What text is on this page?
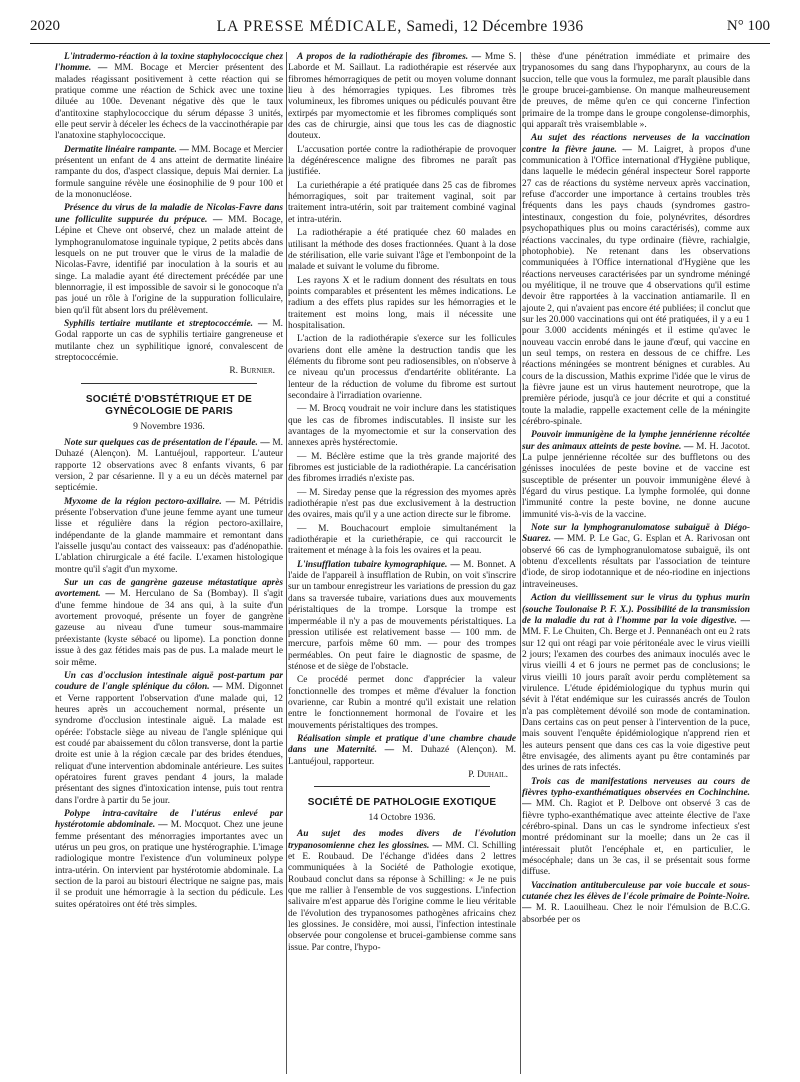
2020	LA PRESSE MÉDICALE, Samedi, 12 Décembre 1936	N° 100

L'intradermo-réaction à la toxine staphylococcique chez l'homme. — MM. Bocage et Mercier présentent des malades réagissant positivement à cette réaction qui se pratique comme une réaction de Schick avec une toxine diluée au 100e. Devenant négative dès que le taux d'antitoxine staphylococcique du sérum dépasse 3 unités, elle peut servir à déceler les échecs de la vaccinothérapie par l'anatoxine staphylococcique.

Dermatite linéaire rampante. — MM. Bocage et Mercier présentent un enfant de 4 ans atteint de dermatite linéaire rampante du dos, d'aspect classique, depuis Mai dernier. La formule sanguine révèle une éosinophilie de 9 pour 100 et de la mononucléose.

Présence du virus de la maladie de Nicolas-Favre dans une folliculite suppurée du prépuce. — MM. Bocage, Lépine et Cheve ont observé, chez un malade atteint de lymphogranulomatose inguinale typique, 2 petits abcès dans lesquels on ne put trouver que le virus de la maladie de Nicolas-Favre, identifié par inoculation à la souris et au singe. La maladie ayant été directement précédée par une blennorragie, il est impossible de savoir si le gonocoque n'a pas joué un rôle à l'origine de la suppuration folliculaire, bien qu'il fût absent lors du prélèvement.

Syphilis tertiaire mutilante et streptococcémie. — M. Godal rapporte un cas de syphilis tertiaire gangreneuse et mutilante chez un syphilitique ignoré, convalescent de streptococcémie.

R. Burnier.

SOCIÉTÉ D'OBSTÉTRIQUE ET DE GYNÉCOLOGIE DE PARIS
9 Novembre 1936.

Note sur quelques cas de présentation de l'épaule. — M. Duhazé (Alençon). M. Lantuéjoul, rapporteur. L'auteur rapporte 12 observations avec 8 enfants vivants, 6 par version, 2 par césarienne. Il y a eu un décès maternel par septicémie.

Myxome de la région pectoro-axillaire. — M. Pétridis présente l'observation d'une jeune femme ayant une tumeur lisse et régulière dans la région pectoro-axillaire, indépendante de la glande mammaire et remontant dans l'aisselle jusqu'au contact des vaisseaux: pas d'adénopathie. L'ablation chirurgicale a été facile. L'examen histologique montre qu'il s'agit d'un myxome.

Sur un cas de gangrène gazeuse métastatique après avortement. — M. Herculano de Sa (Bombay). Il s'agit d'une femme hindoue de 34 ans qui, à la suite d'un avortement provoqué, présente un foyer de gangrène gazeuse au niveau d'une tumeur sous-mammaire préexistante (kyste sébacé ou lipome). La ponction donne issue à des gaz fétides mais pas de pus. La malade meurt le soir même.

Un cas d'occlusion intestinale aiguë post-partum par coudure de l'angle splénique du côlon. — MM. Digonnet et Verne rapportent l'observation d'une malade qui, 12 heures après un accouchement normal, présente un syndrome d'occlusion intestinale aiguë. La malade est opérée: l'obstacle siège au niveau de l'angle splénique qui est coudé par abaissement du côlon transverse, dont la partie droite est unie à la région cæcale par des brides étendues, reliquat d'une intervention abdominale antérieure. Les suites opératoires furent graves pendant 4 jours, la malade présentant des signes d'intoxication intense, puis tout rentra dans l'ordre à partir du 5e jour.

Polype intra-cavitaire de l'utérus enlevé par hystérotomie abdominale. — M. Mocquot. Chez une jeune femme présentant des ménorragies importantes avec un utérus un peu gros, on pratique une hystérographie. L'image radiologique montre l'existence d'un volumineux polype intra-utérin. On intervient par hystérotomie abdominale. La section de la paroi au bistouri électrique ne saigne pas, mais il se produit une hémorragie à la section du pédicule. Les suites opératoires ont été très simples.

A propos de la radiothérapie des fibromes. — Mme S. Laborde et M. Saillaut. La radiothérapie est réservée aux fibromes hémorragiques de petit ou moyen volume donnant lieu à des hémorragies typiques. Les fibromes très volumineux, les fibromes uniques ou pédiculés pouvant être extirpés par myomectomie et les fibromes compliqués sont des cas de chirurgie, ainsi que tous les cas de diagnostic douteux.

L'accusation portée contre la radiothérapie de provoquer la dégénérescence maligne des fibromes ne paraît pas justifiée.

La curiethérapie a été pratiquée dans 25 cas de fibromes hémorragiques, soit par traitement vaginal, soit par traitement intra-utérin, soit par traitement combiné vaginal et intra-utérin.

La radiothérapie a été pratiquée chez 60 malades en utilisant la méthode des doses fractionnées. Quant à la dose de stérilisation, elle varie suivant l'âge et l'embonpoint de la malade et suivant le volume du fibrome.

Les rayons X et le radium donnent des résultats en tous points comparables et présentent les mêmes indications. Le radium a des effets plus rapides sur les hémorragies et le traitement est moins long, mais il nécessite une hospitalisation.

L'action de la radiothérapie s'exerce sur les follicules ovariens dont elle amène la destruction tandis que les éléments du fibrome sont peu radiosensibles, on n'observe à ce niveau qu'un processus d'endartérite oblitérante. La lenteur de la réduction de volume du fibrome est surtout secondaire à l'irradiation ovarienne.

— M. Brocq voudrait ne voir inclure dans les statistiques que les cas de fibromes indiscutables. Il insiste sur les avantages de la myomectomie et sur la conservation des annexes après hystérectomie.

— M. Béclère estime que la très grande majorité des fibromes est justiciable de la radiothérapie. La cancérisation des fibromes irradiés n'existe pas.

— M. Sireday pense que la régression des myomes après radiothérapie n'est pas due exclusivement à la destruction des ovaires, mais qu'il y a une action directe sur le fibrome.

— M. Bouchacourt emploie simultanément la radiothérapie et la curiethérapie, ce qui raccourcit le traitement et ménage à la fois les ovaires et la peau.

L'insufflation tubaire kymographique. — M. Bonnet. A l'aide de l'appareil à insufflation de Rubin, on voit s'inscrire sur un tambour enregistreur les variations de pression du gaz dans sa traversée tubaire, variations dues aux mouvements péristaltiques de la trompe. Lorsque la trompe est imperméable il n'y a pas de mouvements péristaltiques. La pression utilisée est relativement basse — 100 mm. de mercure, parfois même 60 mm. — pour des trompes perméables. On peut faire le diagnostic de spasme, de sténose et de siège de l'obstacle.

Ce procédé permet donc d'apprécier la valeur fonctionnelle des trompes et même d'évaluer la fonction ovarienne, car Rubin a montré qu'il existait une relation entre le fonctionnement hormonal de l'ovaire et les mouvements péristaltiques des trompes.

Réalisation simple et pratique d'une chambre chaude dans une Maternité. — M. Duhazé (Alençon). M. Lantuéjoul, rapporteur.

P. Duhail.

SOCIÉTÉ DE PATHOLOGIE EXOTIQUE
14 Octobre 1936.

Au sujet des modes divers de l'évolution trypanosomienne chez les glossines. — MM. Cl. Schilling et E. Roubaud. De l'échange d'idées dans 2 lettres communiquées à la Société de Pathologie exotique, Roubaud conclut dans sa réponse à Schilling: « Je ne puis que me rallier à l'ensemble de vos suggestions. L'infection salivaire m'est apparue dès l'origine comme le lieu véritable de l'évolution des trypanosomes pathogènes africains chez les glossines. Je considère, moi aussi, l'infection intestinale observée pour congolense et brucei-gambiense comme sans issue. Par contre, l'hypo-

thèse d'une pénétration immédiate et primaire des trypanosomes du sang dans l'hypopharynx, au cours de la succion, telle que vous la formulez, me paraît plausible dans le groupe brucei-gambiense. On manque malheureusement de preuves, de même qu'en ce qui concerne l'infection primaire de la trompe dans le groupe congolense-dimorphis, qui apparaît très vraisemblable ».

Au sujet des réactions nerveuses de la vaccination contre la fièvre jaune. — M. Laigret, à propos d'une communication à l'Office international d'Hygiène publique, dans laquelle le médecin général inspecteur Sorel rapporte 27 cas de réactions du système nerveux après vaccination, refuse d'accorder une importance à certains troubles très fréquents dans les pays chauds (syndromes gastro-intestinaux, congestion du foie, polynévrites, désordres psychopathiques plus ou moins caractérisés), comme aux réactions vaccinales, du type ordinaire (fièvre, rachialgie, photophobie). Ne retenant dans les observations communiquées à l'Office international d'Hygiène que les réactions nerveuses caractérisées par un syndrome méningé ou myélitique, il ne trouve que 4 observations qu'il estime devoir être rapportées à la vaccination antiamarile. Il en ajoute 2, qui n'avaient pas encore été publiées; il conclut que sur les 20.000 vaccinations qui ont été pratiquées, il y a eu 1 pour 3.000 accidents méningés et il estime qu'avec le nouveau vaccin enrobé dans le jaune d'œuf, qui vaccine en un seul temps, on restera en dessous de ce chiffre. Les réactions méningées se montrent bénignes et curables. Au cours de la discussion, Mathis exprime l'idée que le virus de la fièvre jaune est un virus hautement neurotrope, que la première période, jusqu'à ce jour décrite et qui a constitué toute la maladie, rappelle exactement celle de la méningite cérébro-spinale.

Pouvoir immunigène de la lymphe jennérienne récoltée sur des animaux atteints de peste bovine. — M. H. Jacotot. La pulpe jennérienne récoltée sur des buffletons ou des génisses inoculées de peste bovine et de vaccine est susceptible de présenter un pouvoir immunigène élevé à l'égard du virus pestique. La lymphe formolée, qui donne l'immunité contre la peste bovine, ne donne aucune immunité vis-à-vis de la vaccine.

Note sur la lymphogranulomatose subaiguë à Diégo-Suarez. — MM. P. Le Gac, G. Esplan et A. Rarivosan ont observé 66 cas de lymphogranulomatose subaiguë, ils ont obtenu d'excellents résultats par l'association de teinture d'iode, de sirop iodotannique et de néo-riodine en injections intraveineuses.

Action du vieillissement sur le virus du typhus murin (souche Toulonaise P. F. X.). Possibilité de la transmission de la maladie du rat à l'homme par la voie digestive. — MM. F. Le Chuiten, Ch. Berge et J. Pennanéach ont eu 2 rats sur 12 qui ont réagi par voie péritonéale avec le virus vieilli 2 jours; l'examen des courbes des animaux inoculés avec le virus vieilli 4 et 6 jours ne permet pas de conclusions; le virus vieilli 10 jours paraît avoir perdu complètement sa virulence. L'étude épidémiologique du typhus murin qui sévit à l'état endémique sur les cuirassés ancrés de Toulon n'a pas complètement dévoilé son mode de contamination. Dans certains cas on peut penser à l'intervention de la puce, mais souvent l'enquête épidémiologique n'apprend rien et les auteurs pensent que dans ces cas la voie digestive peut être envisagée, des aliments ayant pu être contaminés par des urines de rats infectés.

Trois cas de manifestations nerveuses au cours de fièvres typho-exanthématiques observées en Cochinchine. — MM. Ch. Ragiot et P. Delbove ont observé 3 cas de fièvre typho-exanthématique avec atteinte élective de l'axe cérébro-spinal. Dans un cas le syndrome infectieux s'est montré prédominant sur la moelle; dans un 2e cas il intéressait plutôt l'encéphale et, en particulier, le mésocéphale; dans un 3e cas, il se présentait sous forme diffuse.

Vaccination antituberculeuse par voie buccale et sous-cutanée chez les élèves de l'école primaire de Pointe-Noire. — M. R. Laouilheau. Chez le noir l'émulsion de B.C.G. absorbée per os
